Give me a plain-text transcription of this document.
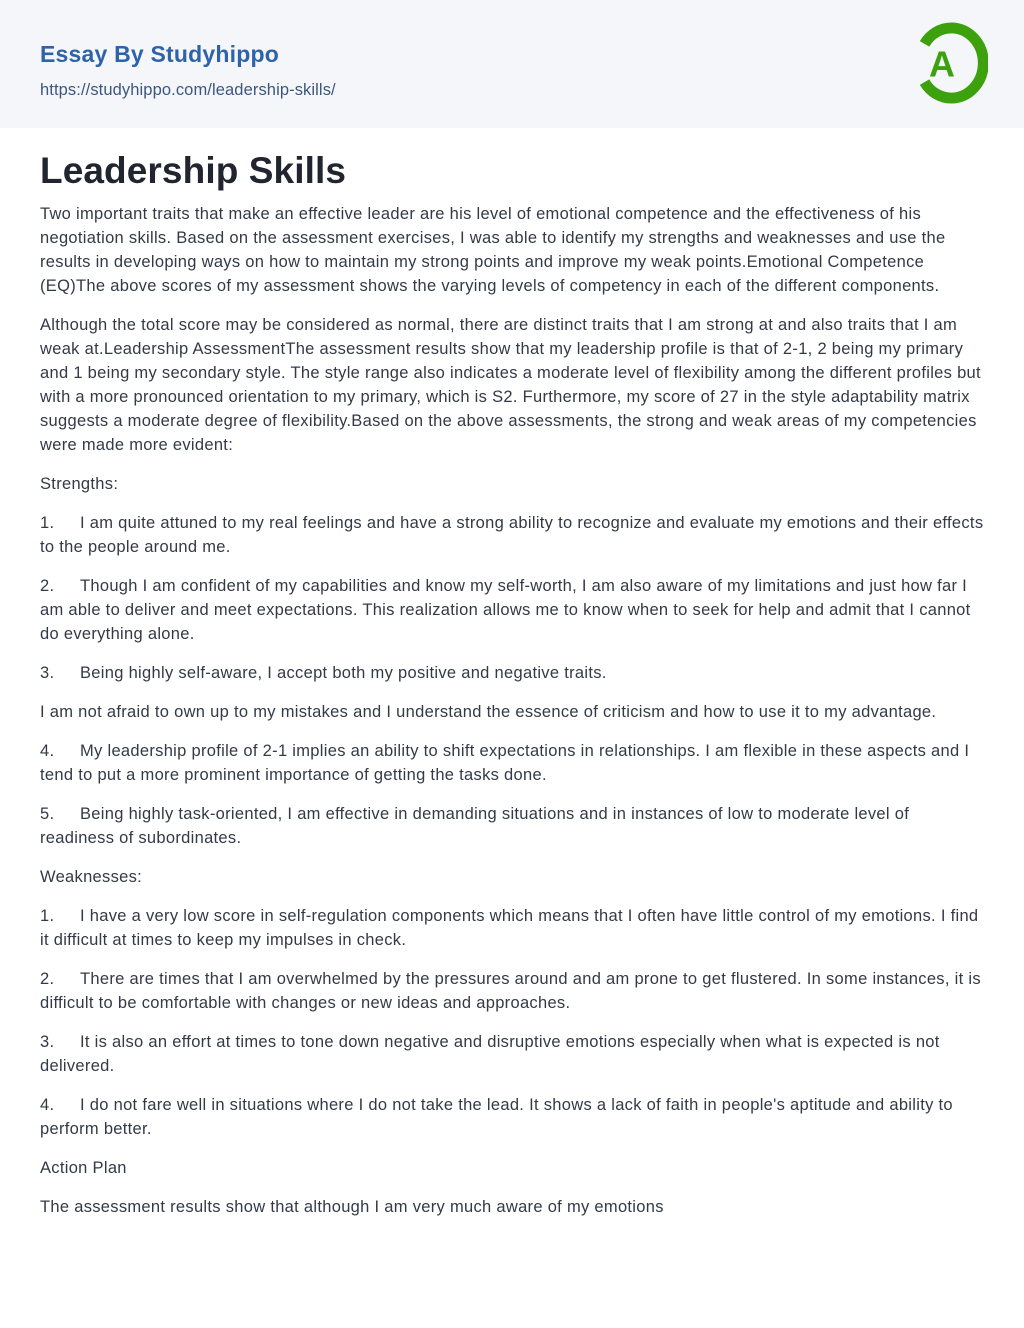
Essay By Studyhippo
https://studyhippo.com/leadership-skills/
A
Leadership Skills

Two important traits that make an effective leader are his level of emotional competence and the effectiveness of his negotiation skills. Based on the assessment exercises, I was able to identify my strengths and weaknesses and use the results in developing ways on how to maintain my strong points and improve my weak points.Emotional Competence (EQ)The above scores of my assessment shows the varying levels of competency in each of the different components.

Although the total score may be considered as normal, there are distinct traits that I am strong at and also traits that I am weak at.Leadership AssessmentThe assessment results show that my leadership profile is that of 2-1, 2 being my primary and 1 being my secondary style. The style range also indicates a moderate level of flexibility among the different profiles but with a more pronounced orientation to my primary, which is S2. Furthermore, my score of 27 in the style adaptability matrix suggests a moderate degree of flexibility.Based on the above assessments, the strong and weak areas of my competencies were made more evident:

Strengths:

1. I am quite attuned to my real feelings and have a strong ability to recognize and evaluate my emotions and their effects to the people around me.

2. Though I am confident of my capabilities and know my self-worth, I am also aware of my limitations and just how far I am able to deliver and meet expectations. This realization allows me to know when to seek for help and admit that I cannot do everything alone.

3. Being highly self-aware, I accept both my positive and negative traits.

I am not afraid to own up to my mistakes and I understand the essence of criticism and how to use it to my advantage.

4. My leadership profile of 2-1 implies an ability to shift expectations in relationships. I am flexible in these aspects and I tend to put a more prominent importance of getting the tasks done.

5. Being highly task-oriented, I am effective in demanding situations and in instances of low to moderate level of readiness of subordinates.

Weaknesses:

1. I have a very low score in self-regulation components which means that I often have little control of my emotions. I find it difficult at times to keep my impulses in check.

2. There are times that I am overwhelmed by the pressures around and am prone to get flustered. In some instances, it is difficult to be comfortable with changes or new ideas and approaches.

3. It is also an effort at times to tone down negative and disruptive emotions especially when what is expected is not delivered.

4. I do not fare well in situations where I do not take the lead. It shows a lack of faith in people's aptitude and ability to perform better.

Action Plan

The assessment results show that although I am very much aware of my emotions
